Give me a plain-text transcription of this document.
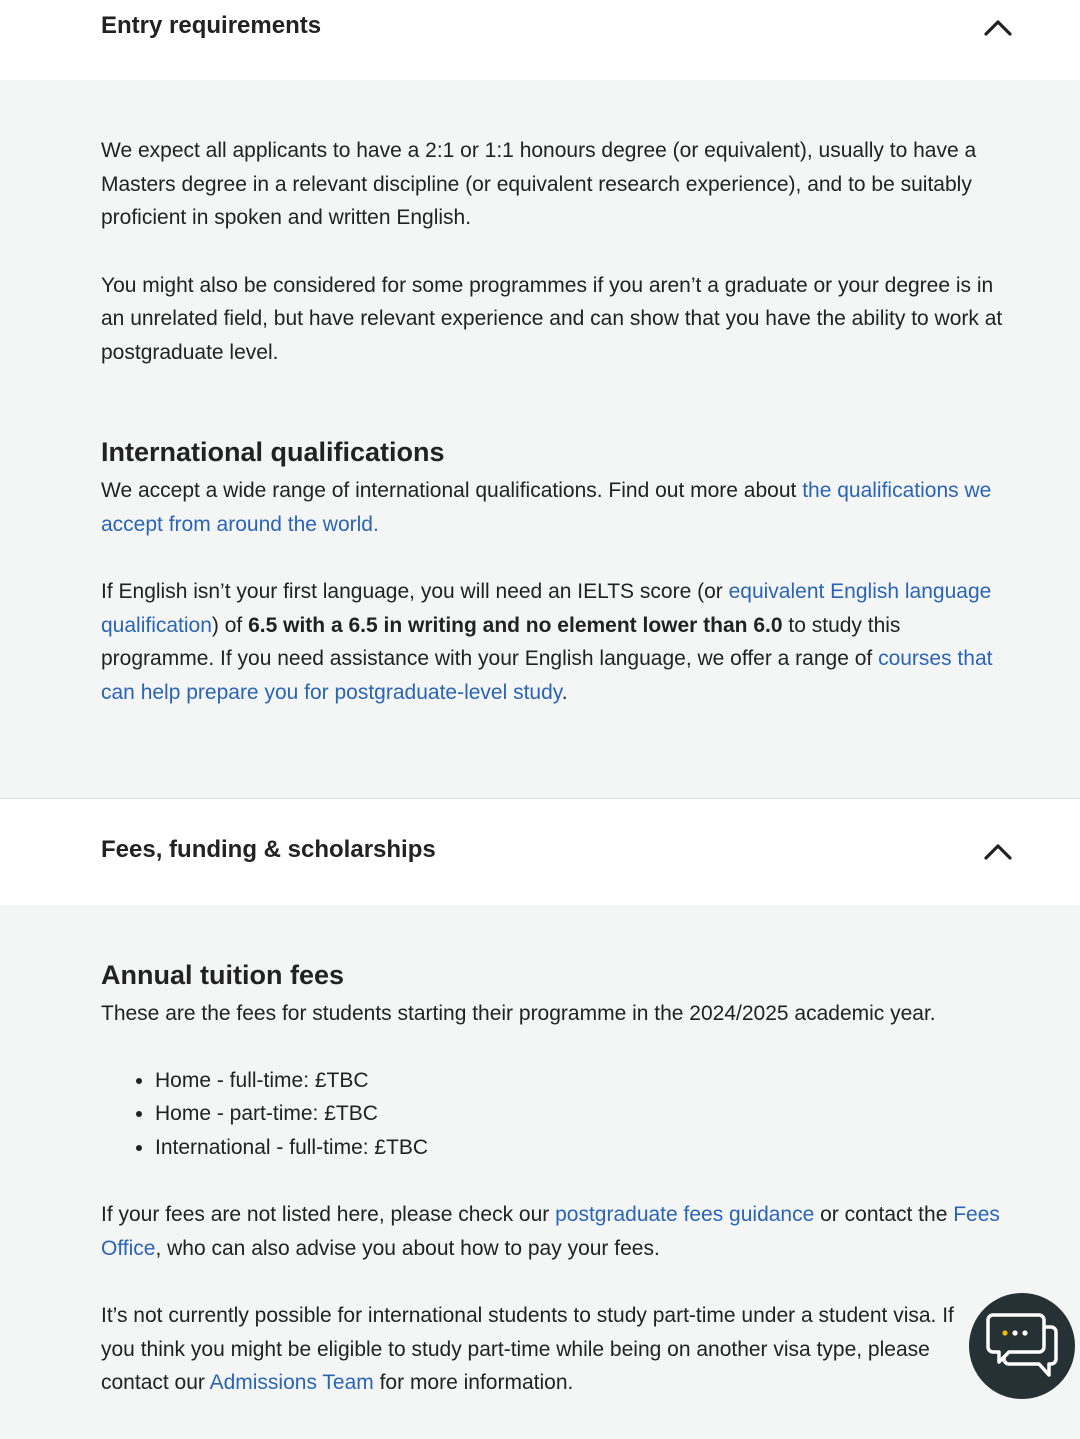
Entry requirements

We expect all applicants to have a 2:1 or 1:1 honours degree (or equivalent), usually to have a Masters degree in a relevant discipline (or equivalent research experience), and to be suitably proficient in spoken and written English.

You might also be considered for some programmes if you aren’t a graduate or your degree is in an unrelated field, but have relevant experience and can show that you have the ability to work at postgraduate level.

International qualifications

We accept a wide range of international qualifications. Find out more about the qualifications we accept from around the world.

If English isn’t your first language, you will need an IELTS score (or equivalent English language qualification) of 6.5 with a 6.5 in writing and no element lower than 6.0 to study this programme. If you need assistance with your English language, we offer a range of courses that can help prepare you for postgraduate-level study.

Fees, funding & scholarships
Annual tuition fees

These are the fees for students starting their programme in the 2024/2025 academic year.

• Home - full-time: £TBC
• Home - part-time: £TBC
• International - full-time: £TBC

If your fees are not listed here, please check our postgraduate fees guidance or contact the Fees Office, who can also advise you about how to pay your fees.

It’s not currently possible for international students to study part-time under a student visa. If you think you might be eligible to study part-time while being on another visa type, please contact our Admissions Team for more information.
